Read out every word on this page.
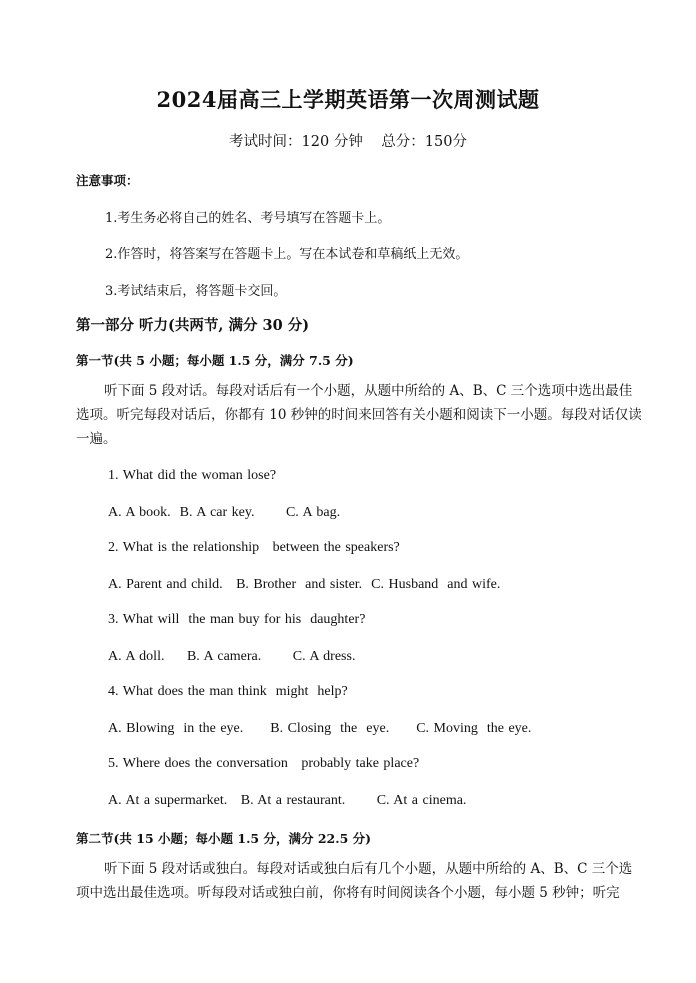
2024届高三上学期英语第一次周测试题
考试时间：120 分钟    总分：150分
注意事项：
1.考生务必将自己的姓名、考号填写在答题卡上。
2.作答时，将答案写在答题卡上。写在本试卷和草稿纸上无效。
3.考试结束后，将答题卡交回。
第一部分 听力(共两节, 满分 30 分)
第一节(共 5 小题；每小题 1.5 分，满分 7.5 分)
听下面 5 段对话。每段对话后有一个小题，从题中所给的 A、B、C 三个选项中选出最佳选项。听完每段对话后，你都有 10 秒钟的时间来回答有关小题和阅读下一小题。每段对话仅读一遍。
1. What did the woman lose?
A. A book.  B. A car key.       C. A bag.
2. What is the relationship   between the speakers?
A. Parent and child.   B. Brother  and sister.  C. Husband  and wife.
3. What will  the man buy for his  daughter?
A. A doll.     B. A camera.       C. A dress.
4. What does the man think  might  help?
A. Blowing  in the eye.      B. Closing  the  eye.      C. Moving  the eye.
5. Where does the conversation   probably take place?
A. At a supermarket.   B. At a restaurant.       C. At a cinema.
第二节(共 15 小题；每小题 1.5 分，满分 22.5 分)
听下面 5 段对话或独白。每段对话或独白后有几个小题，从题中所给的 A、B、C 三个选项中选出最佳选项。听每段对话或独白前，你将有时间阅读各个小题，每小题 5 秒钟；听完
